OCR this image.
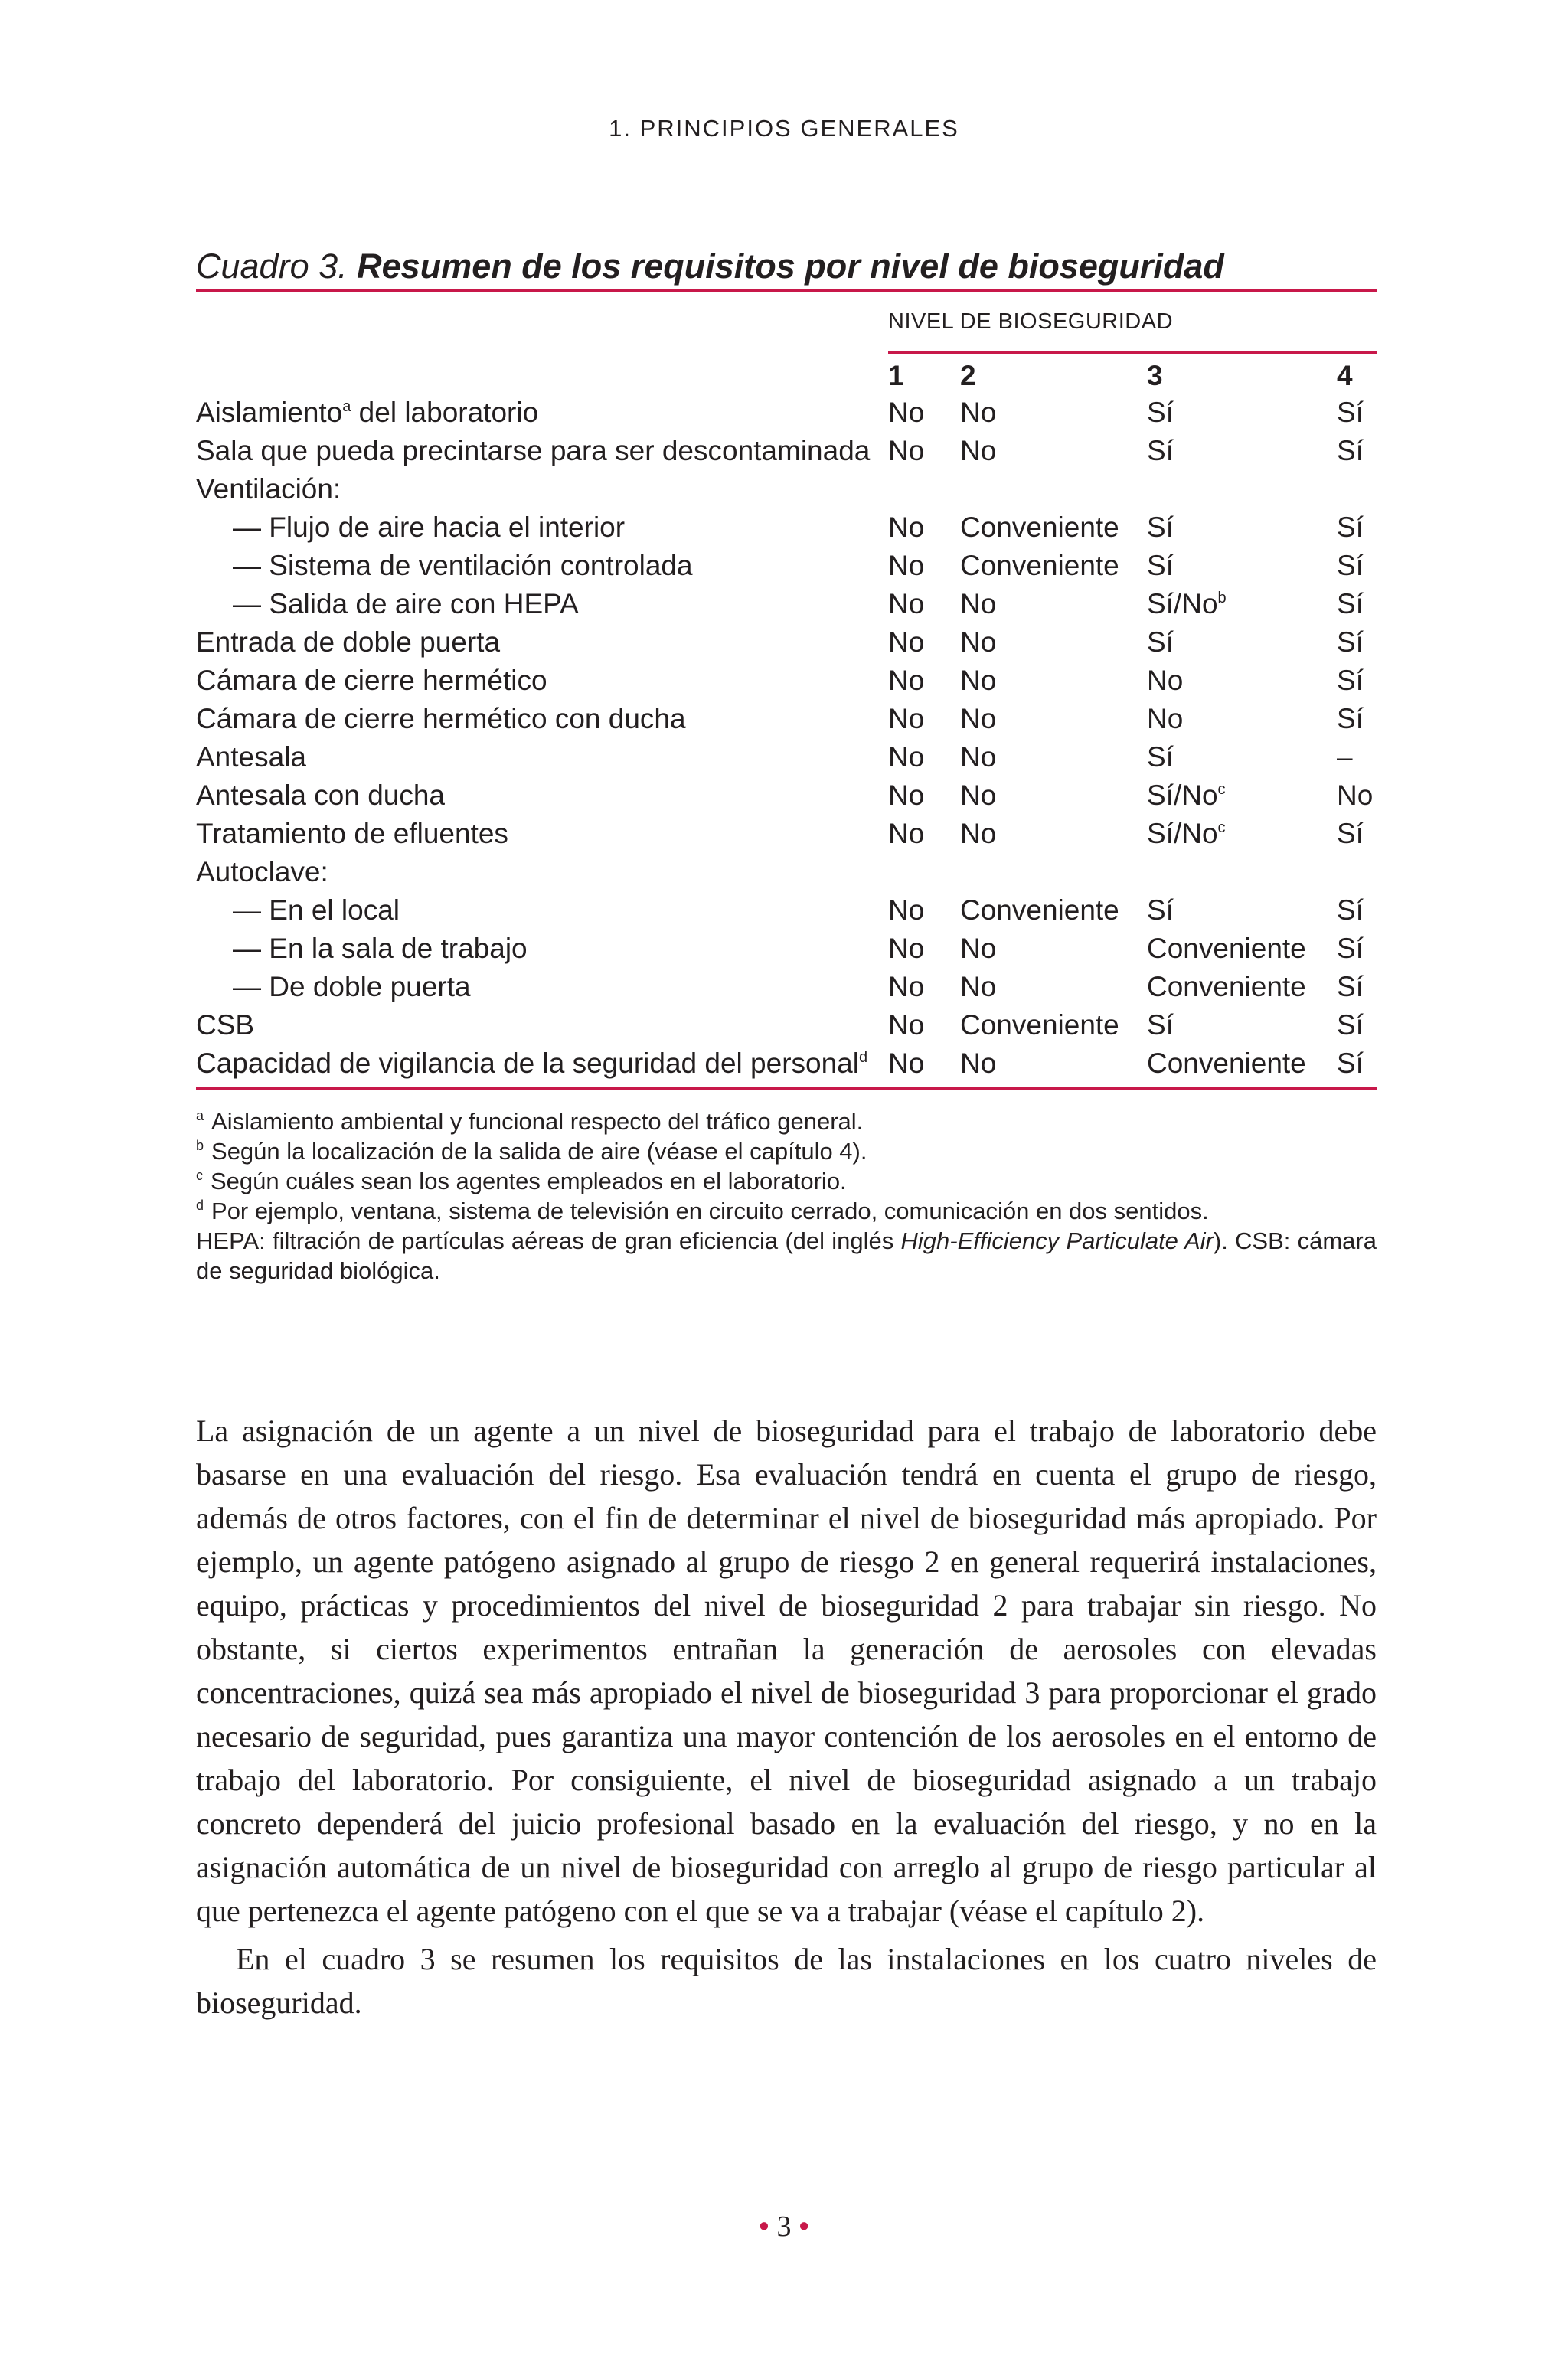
1. PRINCIPIOS GENERALES

Cuadro 3. Resumen de los requisitos por nivel de bioseguridad

	NIVEL DE BIOSEGURIDAD			
	1	2	3	4
Aislamiento$^a$ del laboratorio	No	No	Sí	Sí
Sala que pueda precintarse para ser descontaminada	No	No	Sí	Sí
Ventilación:				
— Flujo de aire hacia el interior	No	Conveniente	Sí	Sí
— Sistema de ventilación controlada	No	Conveniente	Sí	Sí
— Salida de aire con HEPA	No	No	Sí/No$^b$	Sí
Entrada de doble puerta	No	No	Sí	Sí
Cámara de cierre hermético	No	No	No	Sí
Cámara de cierre hermético con ducha	No	No	No	Sí
Antesala	No	No	Sí	–
Antesala con ducha	No	No	Sí/No$^c$	No
Tratamiento de efluentes	No	No	Sí/No$^c$	Sí
Autoclave:				
— En el local	No	Conveniente	Sí	Sí
— En la sala de trabajo	No	No	Conveniente	Sí
— De doble puerta	No	No	Conveniente	Sí
CSB	No	Conveniente	Sí	Sí
Capacidad de vigilancia de la seguridad del personal$^d$	No	No	Conveniente	Sí
$^a$ Aislamiento ambiental y funcional respecto del tráfico general.
$^b$ Según la localización de la salida de aire (véase el capítulo 4).
$^c$ Según cuáles sean los agentes empleados en el laboratorio.
$^d$ Por ejemplo, ventana, sistema de televisión en circuito cerrado, comunicación en dos sentidos.
HEPA: filtración de partículas aéreas de gran eficiencia (del inglés High-Efficiency Particulate Air). CSB: cámara de seguridad biológica.

La asignación de un agente a un nivel de bioseguridad para el trabajo de laboratorio debe basarse en una evaluación del riesgo. Esa evaluación tendrá en cuenta el grupo de riesgo, además de otros factores, con el fin de determinar el nivel de bioseguridad más apropiado. Por ejemplo, un agente patógeno asignado al grupo de riesgo 2 en general requerirá instalaciones, equipo, prácticas y procedimientos del nivel de bioseguridad 2 para trabajar sin riesgo. No obstante, si ciertos experimentos entrañan la generación de aerosoles con elevadas concentraciones, quizá sea más apropiado el nivel de bioseguridad 3 para proporcionar el grado necesario de seguridad, pues garantiza una mayor contención de los aerosoles en el entorno de trabajo del laboratorio. Por consiguiente, el nivel de bioseguridad asignado a un trabajo concreto dependerá del juicio profesional basado en la evaluación del riesgo, y no en la asignación automática de un nivel de bioseguridad con arreglo al grupo de riesgo particular al que pertenezca el agente patógeno con el que se va a trabajar (véase el capítulo 2).

En el cuadro 3 se resumen los requisitos de las instalaciones en los cuatro niveles de bioseguridad.

• 3 •
